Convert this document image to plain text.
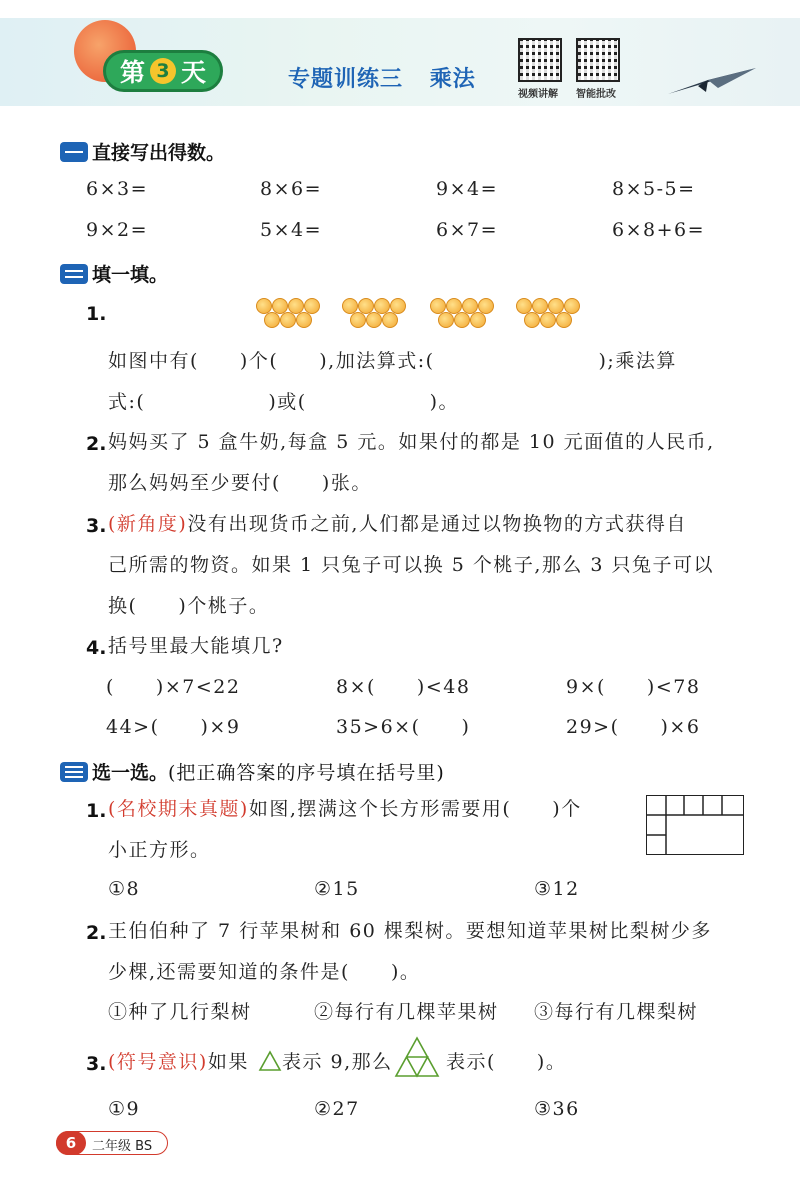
第 3 天	专题训练三 乘法
视频讲解	智能批改
直接写出得数。
6×3=	8×6=	9×4=	8×5-5=
9×2=	5×4=	6×7=	6×8+6=
填一填。
1.
如图中有(　　)个(　　),加法算式:(　　　　　　　　);乘法算
式:(　　　　　　)或(　　　　　　)。
2. 妈妈买了 5 盒牛奶,每盒 5 元。如果付的都是 10 元面值的人民币,
那么妈妈至少要付(　　)张。
3. (新角度)没有出现货币之前,人们都是通过以物换物的方式获得自
己所需的物资。如果 1 只兔子可以换 5 个桃子,那么 3 只兔子可以
换(　　)个桃子。
4. 括号里最大能填几?
(　　)×7<22	8×(　　)<48	9×(　　)<78
44>(　　)×9	35>6×(　　)	29>(　　)×6
选一选。(把正确答案的序号填在括号里)
1. (名校期末真题)如图,摆满这个长方形需要用(　　)个
小正方形。
①8	②15	③12
2. 王伯伯种了 7 行苹果树和 60 棵梨树。要想知道苹果树比梨树少多
少棵,还需要知道的条件是(　　)。
①种了几行梨树	②每行有几棵苹果树 ③每行有几棵梨树
3. (符号意识)如果 表示 9,那么	表示(　　)。
①9	②27	③36
6	二年级 BS
